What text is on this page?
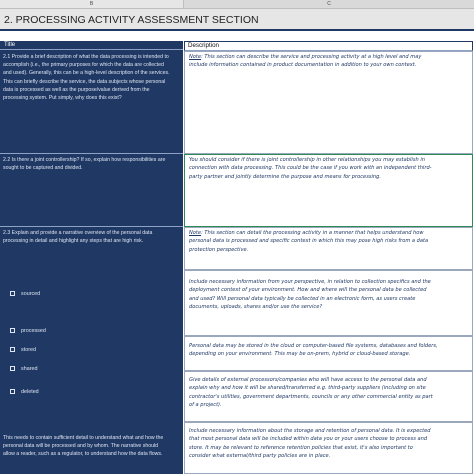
B	C
2. PROCESSING ACTIVITY ASSESSMENT SECTION
Title	Description
2.1 Provide a brief description of what the data processing is intended to
accomplish (i.e., the primary purposes for which the data are collected
and used). Generally, this can be a high-level description of the services.
This can briefly describe the service, the data subjects whose personal
data is processed as well as the purpose/value derived from the
processing system. Put simply, why does this exist?
Note: This section can describe the service and processing activity at a high level and may
include information contained in product documentation in addition to your own context.
2.2 Is there a joint controllership? If so, explain how responsibilities are
sought to be captured and divided.
You should consider if there is joint controllership in other relationships you may establish in
connection with data processing. This could be the case if you work with an independent third-
party partner and jointly determine the purpose and means for processing.
2.3 Explain and provide a narrative overview of the personal data
processing in detail and highlight any steps that are high risk.
Note: This section can detail the processing activity in a manner that helps understand how
personal data is processed and specific context in which this may pose high risks from a data
protection perspective.
sourced
processed
stored
shared
deleted
Include necessary information from your perspective, in relation to collection specifics and the
deployment context of your environment. How and where will the personal data be collected
and used? Will personal data typically be collected in an electronic form, as users create
documents, uploads, shares and/or use the service?
Personal data may be stored in the cloud or computer-based file systems, databases and folders,
depending on your environment. This may be on-prem, hybrid or cloud-based storage.
Give details of external processors/companies who will have access to the personal data and
explain why and how it will be shared/transferred e.g. third-party suppliers (including on site
contractor's utilities, government departments, councils or any other commercial entity as part
of a project).
Include necessary information about the storage and retention of personal data. It is expected
that most personal data will be included within data you or your users choose to process and
store. It may be relevant to reference retention policies that exist, it's also important to
consider what external/third party policies are in place.
This needs to contain sufficient detail to understand what and how the
personal data will be processed and by whom. The narrative should
allow a reader, such as a regulator, to understand how the data flows.
